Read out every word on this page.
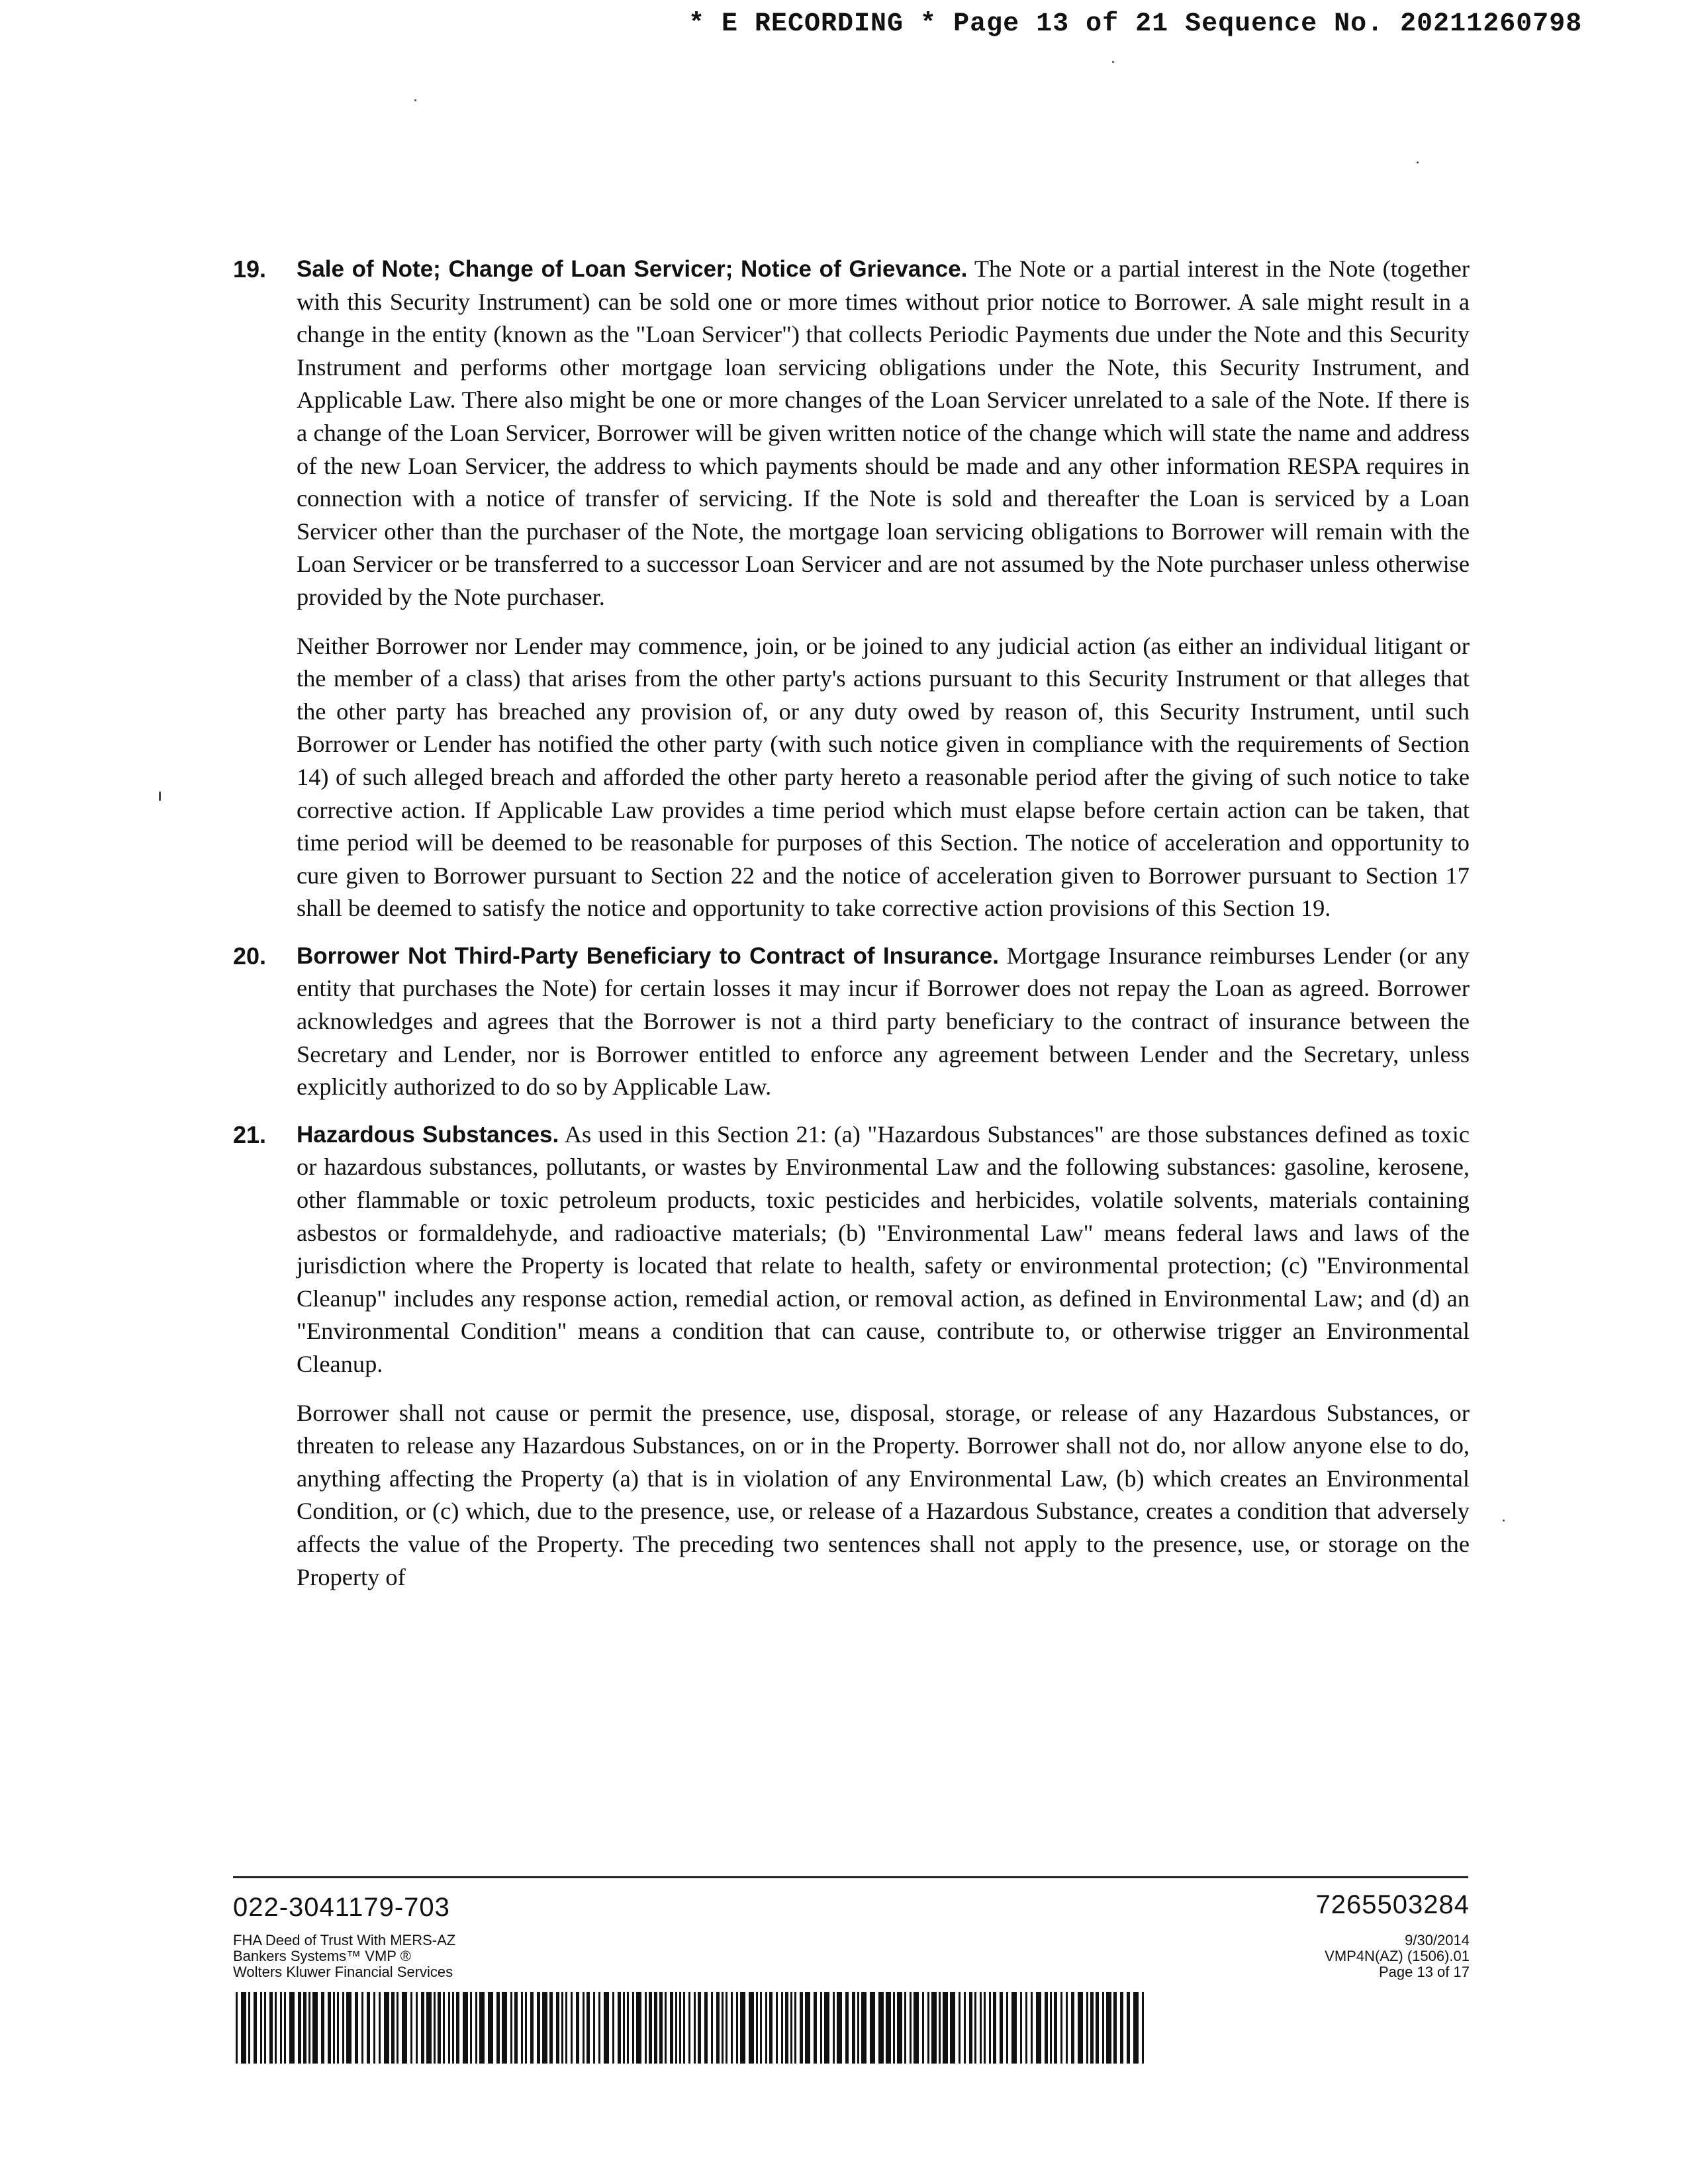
* E RECORDING * Page 13 of 21 Sequence No. 20211260798
19.	Sale of Note; Change of Loan Servicer; Notice of Grievance. The Note or a partial interest in the Note (together with this Security Instrument) can be sold one or more times without prior notice to Borrower. A sale might result in a change in the entity (known as the "Loan Servicer") that collects Periodic Payments due under the Note and this Security Instrument and performs other mortgage loan servicing obligations under the Note, this Security Instrument, and Applicable Law. There also might be one or more changes of the Loan Servicer unrelated to a sale of the Note. If there is a change of the Loan Servicer, Borrower will be given written notice of the change which will state the name and address of the new Loan Servicer, the address to which payments should be made and any other information RESPA requires in connection with a notice of transfer of servicing. If the Note is sold and thereafter the Loan is serviced by a Loan Servicer other than the purchaser of the Note, the mortgage loan servicing obligations to Borrower will remain with the Loan Servicer or be transferred to a successor Loan Servicer and are not assumed by the Note purchaser unless otherwise provided by the Note purchaser.

Neither Borrower nor Lender may commence, join, or be joined to any judicial action (as either an individual litigant or the member of a class) that arises from the other party's actions pursuant to this Security Instrument or that alleges that the other party has breached any provision of, or any duty owed by reason of, this Security Instrument, until such Borrower or Lender has notified the other party (with such notice given in compliance with the requirements of Section 14) of such alleged breach and afforded the other party hereto a reasonable period after the giving of such notice to take corrective action. If Applicable Law provides a time period which must elapse before certain action can be taken, that time period will be deemed to be reasonable for purposes of this Section. The notice of acceleration and opportunity to cure given to Borrower pursuant to Section 22 and the notice of acceleration given to Borrower pursuant to Section 17 shall be deemed to satisfy the notice and opportunity to take corrective action provisions of this Section 19.

20.	Borrower Not Third-Party Beneficiary to Contract of Insurance. Mortgage Insurance reimburses Lender (or any entity that purchases the Note) for certain losses it may incur if Borrower does not repay the Loan as agreed. Borrower acknowledges and agrees that the Borrower is not a third party beneficiary to the contract of insurance between the Secretary and Lender, nor is Borrower entitled to enforce any agreement between Lender and the Secretary, unless explicitly authorized to do so by Applicable Law.

21.	Hazardous Substances. As used in this Section 21: (a) "Hazardous Substances" are those substances defined as toxic or hazardous substances, pollutants, or wastes by Environmental Law and the following substances: gasoline, kerosene, other flammable or toxic petroleum products, toxic pesticides and herbicides, volatile solvents, materials containing asbestos or formaldehyde, and radioactive materials; (b) "Environmental Law" means federal laws and laws of the jurisdiction where the Property is located that relate to health, safety or environmental protection; (c) "Environmental Cleanup" includes any response action, remedial action, or removal action, as defined in Environmental Law; and (d) an "Environmental Condition" means a condition that can cause, contribute to, or otherwise trigger an Environmental Cleanup.

Borrower shall not cause or permit the presence, use, disposal, storage, or release of any Hazardous Substances, or threaten to release any Hazardous Substances, on or in the Property. Borrower shall not do, nor allow anyone else to do, anything affecting the Property (a) that is in violation of any Environmental Law, (b) which creates an Environmental Condition, or (c) which, due to the presence, use, or release of a Hazardous Substance, creates a condition that adversely affects the value of the Property. The preceding two sentences shall not apply to the presence, use, or storage on the Property of

022-3041179-703	7265503284
FHA Deed of Trust With MERS-AZ
Bankers Systems™ VMP ®
Wolters Kluwer Financial Services
9/30/2014
VMP4N(AZ) (1506).01
Page 13 of 17
